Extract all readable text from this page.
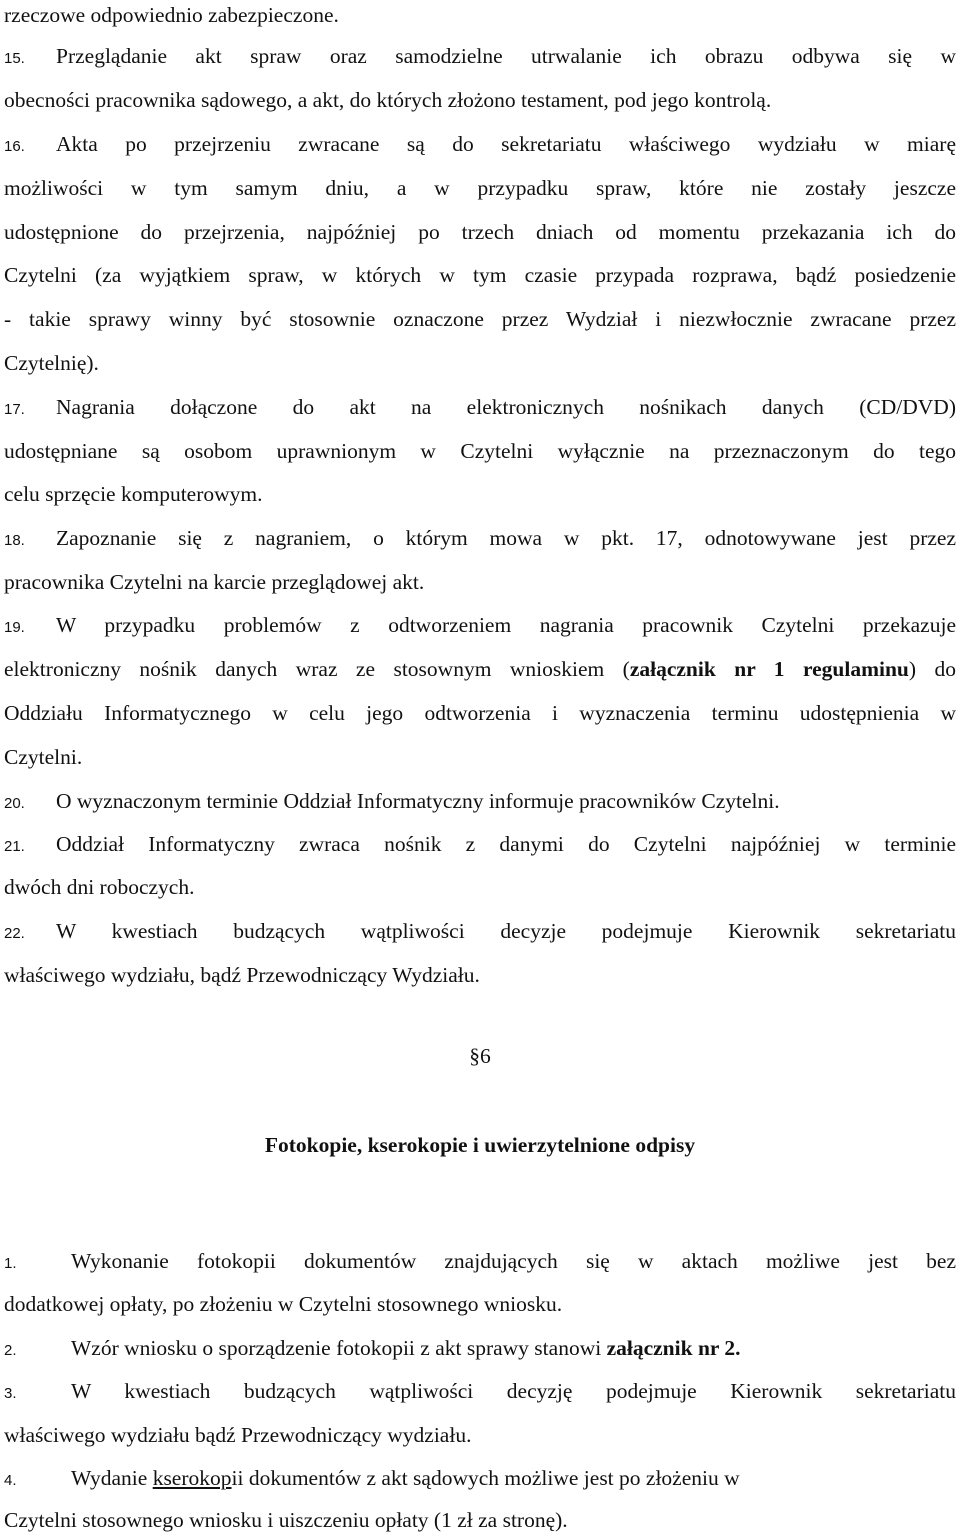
rzeczowe odpowiednio zabezpieczone.
15. Przeglądanie akt spraw oraz samodzielne utrwalanie ich obrazu odbywa się w
obecności pracownika sądowego, a akt, do których złożono testament, pod jego kontrolą.
16. Akta po przejrzeniu zwracane są do sekretariatu właściwego wydziału w miarę
możliwości w tym samym dniu, a w przypadku spraw, które nie zostały jeszcze
udostępnione do przejrzenia, najpóźniej po trzech dniach od momentu przekazania ich do
Czytelni (za wyjątkiem spraw, w których w tym czasie przypada rozprawa, bądź posiedzenie
- takie sprawy winny być stosownie oznaczone przez Wydział i niezwłocznie zwracane przez
Czytelnię).
17. Nagrania dołączone do akt na elektronicznych nośnikach danych (CD/DVD)
udostępniane są osobom uprawnionym w Czytelni wyłącznie na przeznaczonym do tego
celu sprzęcie komputerowym.
18. Zapoznanie się z nagraniem, o którym mowa w pkt. 17, odnotowywane jest przez
pracownika Czytelni na karcie przeglądowej akt.
19. W przypadku problemów z odtworzeniem nagrania pracownik Czytelni przekazuje
elektroniczny nośnik danych wraz ze stosownym wnioskiem (załącznik nr 1 regulaminu) do
Oddziału Informatycznego w celu jego odtworzenia i wyznaczenia terminu udostępnienia w
Czytelni.
20. O wyznaczonym terminie Oddział Informatyczny informuje pracowników Czytelni.
21. Oddział Informatyczny zwraca nośnik z danymi do Czytelni najpóźniej w terminie
dwóch dni roboczych.
22. W kwestiach budzących wątpliwości decyzje podejmuje Kierownik sekretariatu
właściwego wydziału, bądź Przewodniczący Wydziału.
§6
Fotokopie, kserokopie i uwierzytelnione odpisy
1.	Wykonanie fotokopii dokumentów znajdujących się w aktach możliwe jest bez
dodatkowej opłaty, po złożeniu w Czytelni stosownego wniosku.
2.	Wzór wniosku o sporządzenie fotokopii z akt sprawy stanowi załącznik nr 2.
3.	W kwestiach budzących wątpliwości decyzję podejmuje Kierownik sekretariatu
właściwego wydziału bądź Przewodniczący wydziału.
4.	Wydanie kserokopii dokumentów z akt sądowych możliwe jest po złożeniu w
Czytelni stosownego wniosku i uiszczeniu opłaty (1 zł za stronę).
